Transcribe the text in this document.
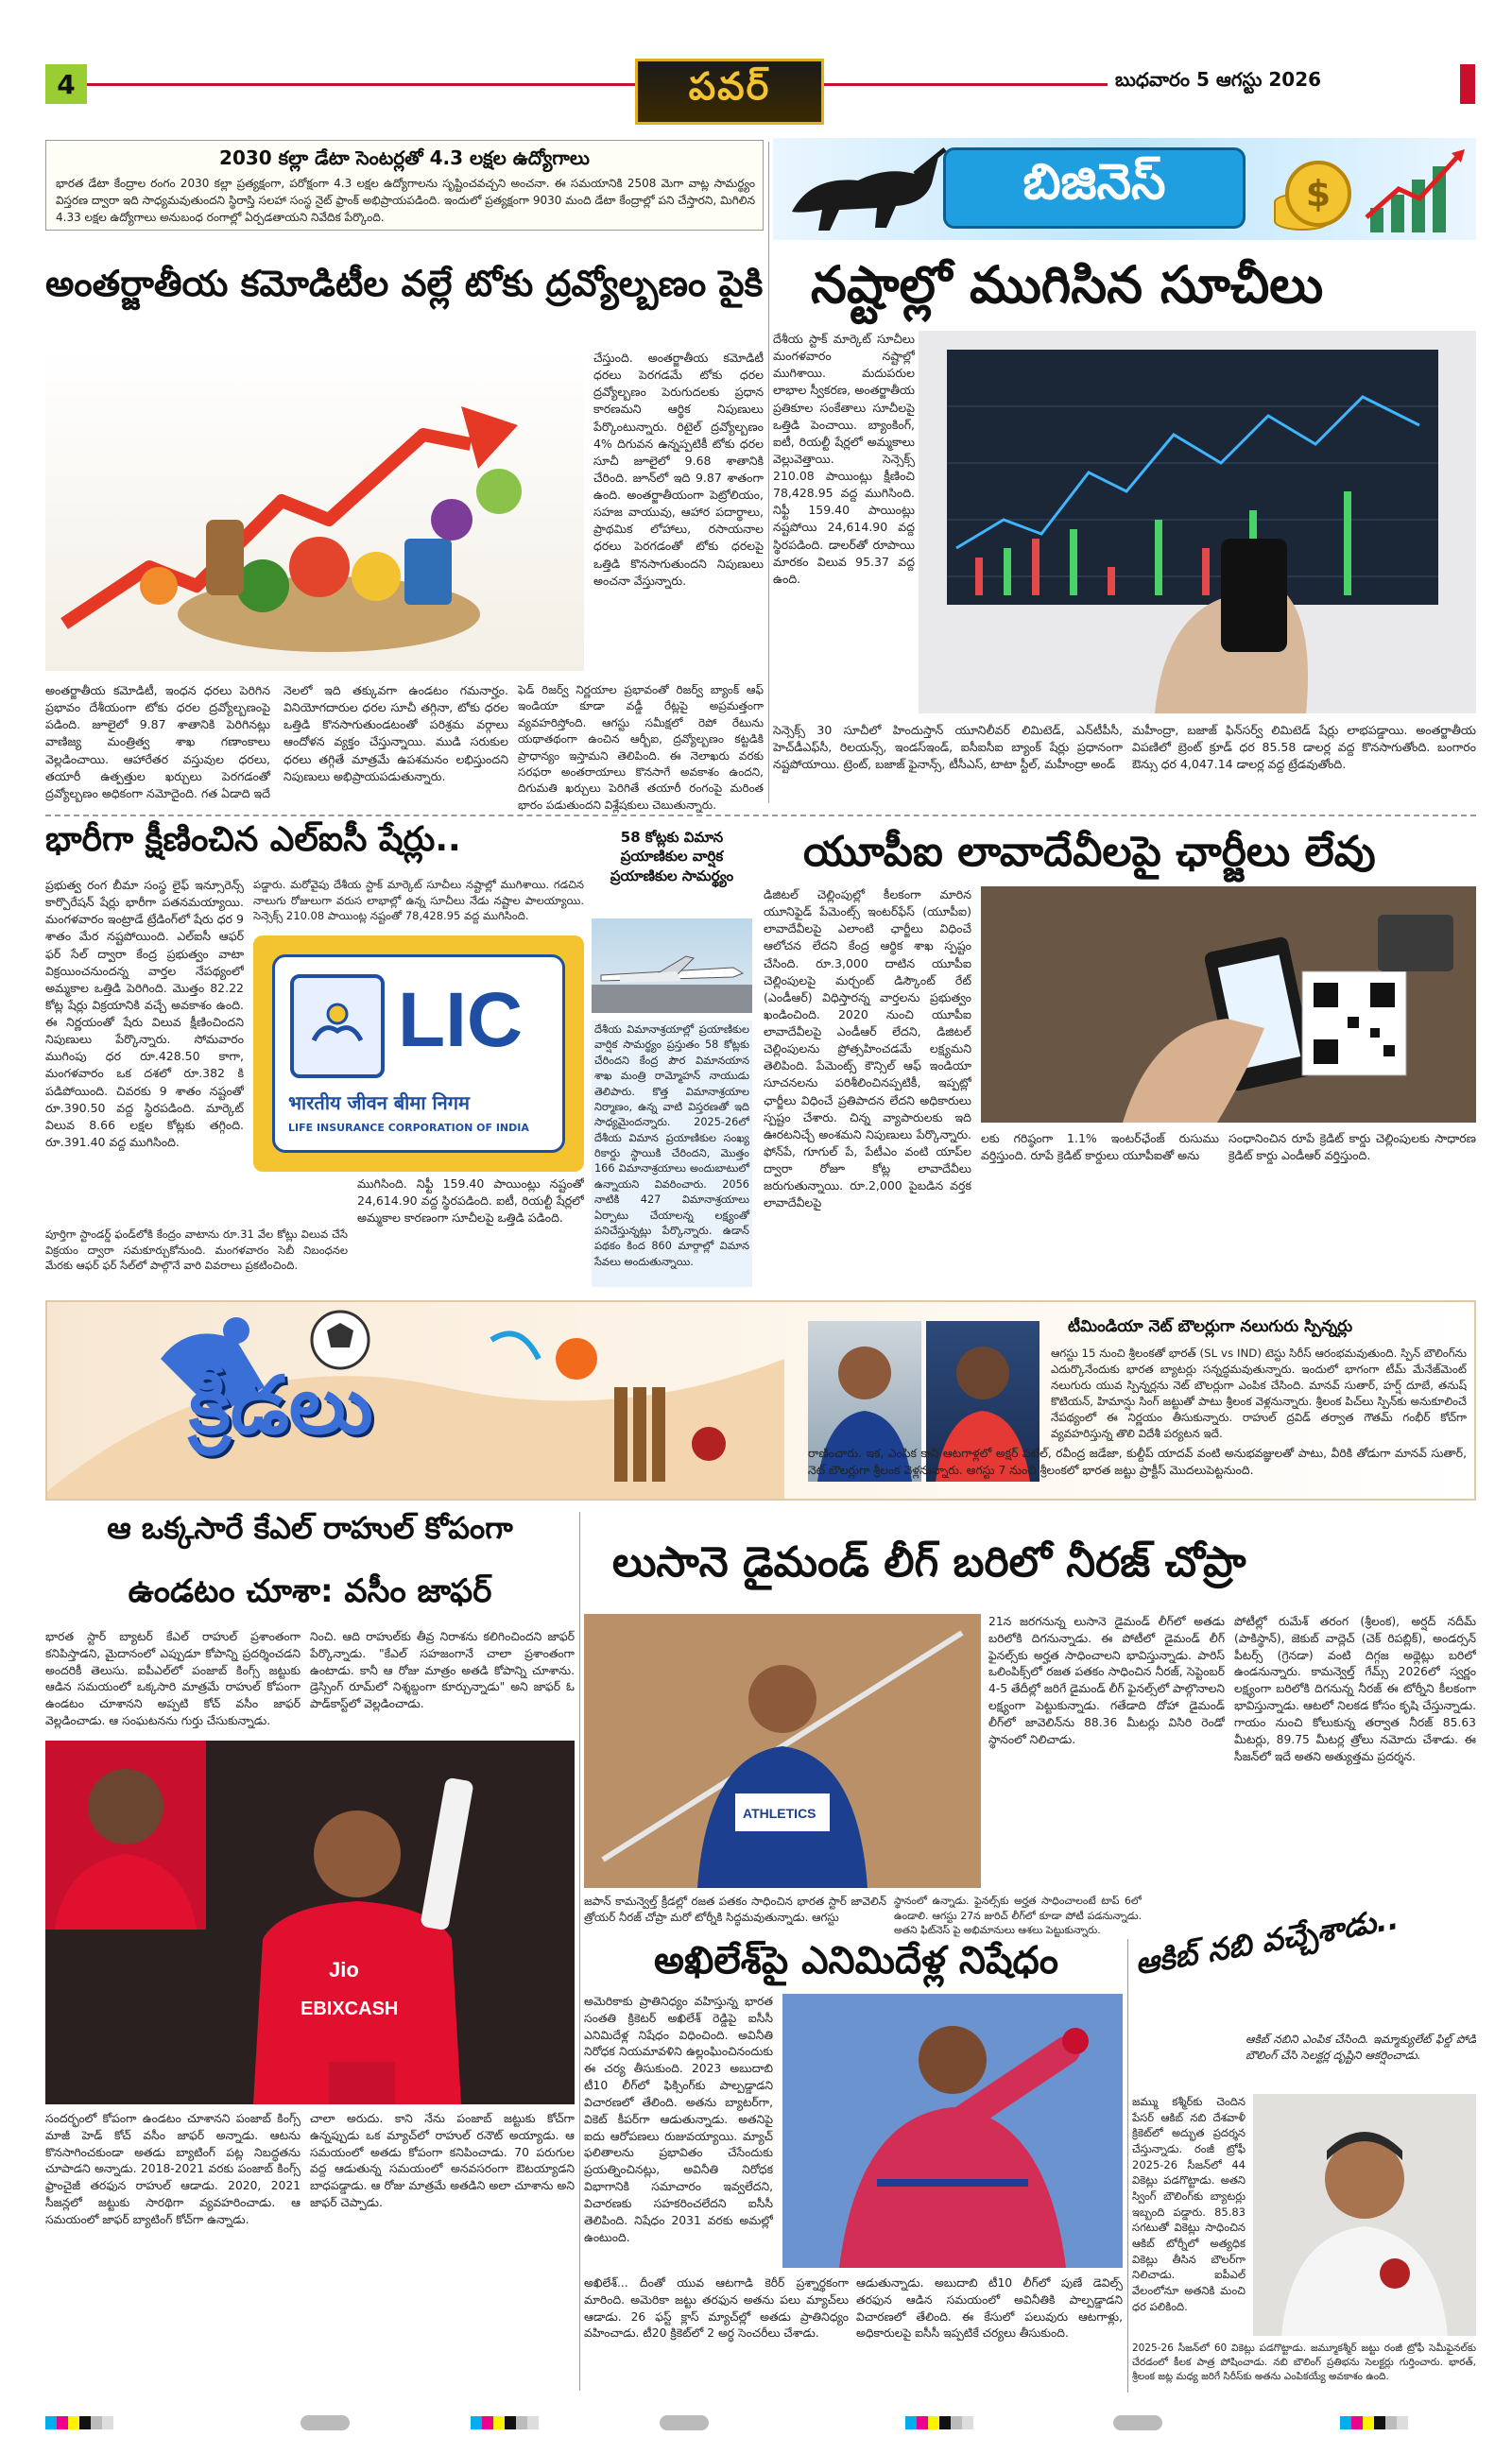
4	పవర్	బుధవారం 5 ఆగస్టు 2026
2030 కల్లా డేటా సెంటర్లతో 4.3 లక్షల ఉద్యోగాలు
భారత డేటా కేంద్రాల రంగం 2030 కల్లా ప్రత్యక్షంగా, పరోక్షంగా 4.3 లక్షల ఉద్యోగాలను సృష్టించవచ్చని అంచనా. ఈ సమయానికి 2508 మెగా వాట్ల సామర్థ్యం విస్తరణ ద్వారా ఇది సాధ్యమవుతుందని స్థిరాస్తి సలహా సంస్థ నైట్ ఫ్రాంక్ అభిప్రాయపడింది. ఇందులో ప్రత్యక్షంగా 9030 మంది డేటా కేంద్రాల్లో పని చేస్తారని, మిగిలిన 4.33 లక్షల ఉద్యోగాలు అనుబంధ రంగాల్లో ఏర్పడతాయని నివేదిక పేర్కొంది.
బిజినెస్	$
అంతర్జాతీయ కమోడిటీల వల్లే టోకు ద్రవ్యోల్బణం పైకి
చేస్తుంది. అంతర్జాతీయ కమోడిటీ ధరలు పెరగడమే టోకు ధరల ద్రవ్యోల్బణం పెరుగుదలకు ప్రధాన కారణమని ఆర్థిక నిపుణులు పేర్కొంటున్నారు. రిటైల్ ద్రవ్యోల్బణం 4% దిగువన ఉన్నప్పటికీ టోకు ధరల సూచీ జూలైలో 9.68 శాతానికి చేరింది. జూన్‌లో ఇది 9.87 శాతంగా ఉంది. అంతర్జాతీయంగా పెట్రోలియం, సహజ వాయువు, ఆహార పదార్థాలు, ప్రాథమిక లోహాలు, రసాయనాల ధరలు పెరగడంతో టోకు ధరలపై ఒత్తిడి కొనసాగుతుందని నిపుణులు అంచనా వేస్తున్నారు.
ఫెడ్ రిజర్వ్ నిర్ణయాల ప్రభావంతో రిజర్వ్ బ్యాంక్ ఆఫ్ ఇండియా కూడా వడ్డీ రేట్లపై అప్రమత్తంగా వ్యవహరిస్తోంది. ఆగస్టు సమీక్షలో రెపో రేటును యథాతథంగా ఉంచిన ఆర్బీఐ, ద్రవ్యోల్బణం కట్టడికి ప్రాధాన్యం ఇస్తామని తెలిపింది. ఈ నెలాఖరు వరకు సరఫరా అంతరాయాలు కొనసాగే అవకాశం ఉందని, దిగుమతి ఖర్చులు పెరిగితే తయారీ రంగంపై మరింత భారం పడుతుందని విశ్లేషకులు చెబుతున్నారు.
అంతర్జాతీయ కమోడిటీ, ఇంధన ధరలు పెరిగిన ప్రభావం దేశీయంగా టోకు ధరల ద్రవ్యోల్బణంపై పడింది. జూలైలో 9.87 శాతానికి పెరిగినట్లు వాణిజ్య మంత్రిత్వ శాఖ గణాంకాలు వెల్లడించాయి. ఆహారేతర వస్తువుల ధరలు, తయారీ ఉత్పత్తుల ఖర్చులు పెరగడంతో ద్రవ్యోల్బణం అధికంగా నమోదైంది. గత ఏడాది ఇదే నెలలో ఇది తక్కువగా ఉండటం గమనార్హం. వినియోగదారుల ధరల సూచీ తగ్గినా, టోకు ధరల ఒత్తిడి కొనసాగుతుండటంతో పరిశ్రమ వర్గాలు ఆందోళన వ్యక్తం చేస్తున్నాయి. ముడి సరుకుల ధరలు తగ్గితే మాత్రమే ఉపశమనం లభిస్తుందని నిపుణులు అభిప్రాయపడుతున్నారు.
నష్టాల్లో ముగిసిన సూచీలు
దేశీయ స్టాక్ మార్కెట్ సూచీలు మంగళవారం నష్టాల్లో ముగిశాయి. మదుపరుల లాభాల స్వీకరణ, అంతర్జాతీయ ప్రతికూల సంకేతాలు సూచీలపై ఒత్తిడి పెంచాయి. బ్యాంకింగ్, ఐటీ, రియల్టీ షేర్లలో అమ్మకాలు వెల్లువెత్తాయి. సెన్సెక్స్ 210.08 పాయింట్లు క్షీణించి 78,428.95 వద్ద ముగిసింది. నిఫ్టీ 159.40 పాయింట్లు నష్టపోయి 24,614.90 వద్ద స్థిరపడింది. డాలర్‌తో రూపాయి మారకం విలువ 95.37 వద్ద ఉంది.
సెన్సెక్స్ 30 సూచీలో హిందుస్తాన్ యూనిలీవర్ లిమిటెడ్, ఎన్‌టీపీసీ, హెచ్‌డీఎఫ్‌సీ, రిలయన్స్, ఇండస్‌ఇండ్, ఐసీఐసీఐ బ్యాంక్ షేర్లు ప్రధానంగా నష్టపోయాయి. ట్రెంట్, బజాజ్ ఫైనాన్స్, టీసీఎస్, టాటా స్టీల్, మహీంద్రా అండ్
మహీంద్రా, బజాజ్ ఫిన్‌సర్వ్ లిమిటెడ్ షేర్లు లాభపడ్డాయి. అంతర్జాతీయ విపణిలో బ్రెంట్ క్రూడ్ ధర 85.58 డాలర్ల వద్ద కొనసాగుతోంది. బంగారం ఔన్సు ధర 4,047.14 డాలర్ల వద్ద ట్రేడవుతోంది.
భారీగా క్షీణించిన ఎల్ఐసీ షేర్లు..
ప్రభుత్వ రంగ బీమా సంస్థ లైఫ్ ఇన్సూరెన్స్ కార్పొరేషన్ షేర్లు భారీగా పతనమయ్యాయి. మంగళవారం ఇంట్రాడే ట్రేడింగ్‌లో షేరు ధర 9 శాతం మేర నష్టపోయింది. ఎల్ఐసీ ఆఫర్ ఫర్ సేల్ ద్వారా కేంద్ర ప్రభుత్వం వాటా విక్రయించనుందన్న వార్తల నేపథ్యంలో అమ్మకాల ఒత్తిడి పెరిగింది. మొత్తం 82.22 కోట్ల షేర్లు విక్రయానికి వచ్చే అవకాశం ఉంది. ఈ నిర్ణయంతో షేరు విలువ క్షీణించిందని నిపుణులు పేర్కొన్నారు. సోమవారం ముగింపు ధర రూ.428.50 కాగా, మంగళవారం ఒక దశలో రూ.382 కి పడిపోయింది. చివరకు 9 శాతం నష్టంతో రూ.390.50 వద్ద స్థిరపడింది. మార్కెట్ విలువ 8.66 లక్షల కోట్లకు తగ్గింది. రూ.391.40 వద్ద ముగిసింది.
పడ్డారు. మరోవైపు దేశీయ స్టాక్ మార్కెట్ సూచీలు నష్టాల్లో ముగిశాయి. గడచిన నాలుగు రోజులుగా వరుస లాభాల్లో ఉన్న సూచీలు నేడు నష్టాల పాలయ్యాయి. సెన్సెక్స్ 210.08 పాయింట్ల నష్టంతో 78,428.95 వద్ద ముగిసింది.
LIC
भारतीय जीवन बीमा निगम
LIFE INSURANCE CORPORATION OF INDIA
పూర్తిగా స్టాండర్డ్ ఫండ్‌లోకి కేంద్రం వాటాను రూ.31 వేల కోట్లు విలువ చేసే విక్రయం ద్వారా సమకూర్చుకోనుంది. మంగళవారం సెబీ నిబంధనల మేరకు ఆఫర్ ఫర్ సేల్‌లో పాల్గొనే వారి వివరాలు ప్రకటించింది.
ముగిసింది. నిఫ్టీ 159.40 పాయింట్లు నష్టంతో 24,614.90 వద్ద స్థిరపడింది. ఐటీ, రియల్టీ షేర్లలో అమ్మకాల కారణంగా సూచీలపై ఒత్తిడి పడింది.
58 కోట్లకు విమాన ప్రయాణికుల వార్షిక ప్రయాణికుల సామర్థ్యం
దేశీయ విమానాశ్రయాల్లో ప్రయాణికుల వార్షిక సామర్థ్యం ప్రస్తుతం 58 కోట్లకు చేరిందని కేంద్ర పౌర విమానయాన శాఖ మంత్రి రామ్మోహన్ నాయుడు తెలిపారు. కొత్త విమానాశ్రయాల నిర్మాణం, ఉన్న వాటి విస్తరణతో ఇది సాధ్యమైందన్నారు. 2025-26లో దేశీయ విమాన ప్రయాణికుల సంఖ్య రికార్డు స్థాయికి చేరిందని, మొత్తం 166 విమానాశ్రయాలు అందుబాటులో ఉన్నాయని వివరించారు. 2056 నాటికి 427 విమానాశ్రయాలు ఏర్పాటు చేయాలన్న లక్ష్యంతో పనిచేస్తున్నట్లు పేర్కొన్నారు. ఉడాన్ పథకం కింద 860 మార్గాల్లో విమాన సేవలు అందుతున్నాయి.
యూపీఐ లావాదేవీలపై ఛార్జీలు లేవు
డిజిటల్ చెల్లింపుల్లో కీలకంగా మారిన యూనిఫైడ్ పేమెంట్స్ ఇంటర్‌ఫేస్ (యూపీఐ) లావాదేవీలపై ఎలాంటి ఛార్జీలు విధించే ఆలోచన లేదని కేంద్ర ఆర్థిక శాఖ స్పష్టం చేసింది. రూ.3,000 దాటిన యూపీఐ చెల్లింపులపై మర్చంట్ డిస్కౌంట్ రేట్ (ఎండీఆర్) విధిస్తారన్న వార్తలను ప్రభుత్వం ఖండించింది. 2020 నుంచి యూపీఐ లావాదేవీలపై ఎండీఆర్ లేదని, డిజిటల్ చెల్లింపులను ప్రోత్సహించడమే లక్ష్యమని తెలిపింది. పేమెంట్స్ కౌన్సిల్ ఆఫ్ ఇండియా సూచనలను పరిశీలించినప్పటికీ, ఇప్పట్లో ఛార్జీలు విధించే ప్రతిపాదన లేదని అధికారులు స్పష్టం చేశారు. చిన్న వ్యాపారులకు ఇది ఊరటనిచ్చే అంశమని నిపుణులు పేర్కొన్నారు. ఫోన్‌పే, గూగుల్ పే, పేటీఎం వంటి యాప్‌ల ద్వారా రోజూ కోట్ల లావాదేవీలు జరుగుతున్నాయి. రూ.2,000 పైబడిన వర్తక లావాదేవీలపై
లకు గరిష్ఠంగా 1.1% ఇంటర్‌ఛేంజ్ రుసుము వర్తిస్తుంది. రూపే క్రెడిట్ కార్డులు యూపీఐతో అను
సంధానించిన రూపే క్రెడిట్ కార్డు చెల్లింపులకు సాధారణ క్రెడిట్ కార్డు ఎండీఆర్ వర్తిస్తుంది.
క్రీడలు
టీమిండియా నెట్ బౌలర్లుగా నలుగురు స్పిన్నర్లు
ఆగస్టు 15 నుంచి శ్రీలంకతో భారత్ (SL vs IND) టెస్టు సిరీస్ ఆరంభమవుతుంది. స్పిన్ బౌలింగ్‌ను ఎదుర్కొనేందుకు భారత బ్యాటర్లు సన్నద్ధమవుతున్నారు. ఇందులో భాగంగా టీమ్ మేనేజ్‌మెంట్ నలుగురు యువ స్పిన్నర్లను నెట్ బౌలర్లుగా ఎంపిక చేసింది. మానవ్ సుతార్, హర్ష్ దూబే, తనుష్ కొటియన్, హిమాన్షు సింగ్ జట్టుతో పాటు శ్రీలంక వెళ్లనున్నారు. శ్రీలంక పిచ్‌లు స్పిన్‌కు అనుకూలించే నేపథ్యంలో ఈ నిర్ణయం తీసుకున్నారు. రాహుల్ ద్రవిడ్ తర్వాత గౌతమ్ గంభీర్ కోచ్‌గా వ్యవహరిస్తున్న తొలి విదేశీ పర్యటన ఇదే.
రాణించారు. ఇక, ఎంపిక కాని ఆటగాళ్లలో అక్షర్ పటేల్, రవీంద్ర జడేజా, కుల్దీప్ యాదవ్ వంటి అనుభవజ్ఞులతో పాటు, వీరికి తోడుగా మానవ్ సుతార్, నెట్ బౌలర్లుగా శ్రీలంక వెళ్లనున్నారు. ఆగస్టు 7 నుంచి శ్రీలంకలో భారత జట్టు ప్రాక్టీస్ మొదలుపెట్టనుంది.
ఆ ఒక్కసారే కేఎల్ రాహుల్ కోపంగా
ఉండటం చూశా: వసీం జాఫర్
భారత స్టార్ బ్యాటర్ కేఎల్ రాహుల్ ప్రశాంతంగా కనిపిస్తాడని, మైదానంలో ఎప్పుడూ కోపాన్ని ప్రదర్శించడని అందరికీ తెలుసు. ఐపీఎల్‌లో పంజాబ్ కింగ్స్ జట్టుకు ఆడిన సమయంలో ఒక్కసారి మాత్రమే రాహుల్ కోపంగా ఉండటం చూశానని అప్పటి కోచ్ వసీం జాఫర్ వెల్లడించాడు. ఆ సంఘటనను గుర్తు చేసుకున్నాడు.
నించి. ఆది రాహుల్‌కు తీవ్ర నిరాశను కలిగించిందని జాఫర్ పేర్కొన్నాడు. "కేఎల్ సహజంగానే చాలా ప్రశాంతంగా ఉంటాడు. కానీ ఆ రోజు మాత్రం అతడి కోపాన్ని చూశాను. డ్రెస్సింగ్ రూమ్‌లో నిశ్శబ్దంగా కూర్చున్నాడు" అని జాఫర్ ఓ పాడ్‌కాస్ట్‌లో వెల్లడించాడు.
Jio
EBIXCASH
సందర్భంలో కోపంగా ఉండటం చూశానని పంజాబ్ కింగ్స్ మాజీ హెడ్ కోచ్ వసీం జాఫర్ అన్నాడు. ఆటను కొనసాగించకుండా అతడు బ్యాటింగ్ పట్ల నిబద్ధతను చూపాడని అన్నాడు. 2018-2021 వరకు పంజాబ్ కింగ్స్ ఫ్రాంచైజీ తరఫున రాహుల్ ఆడాడు. 2020, 2021 సీజన్లలో జట్టుకు సారథిగా వ్యవహరించాడు. ఆ సమయంలో జాఫర్ బ్యాటింగ్ కోచ్‌గా ఉన్నాడు.
చాలా అరుదు. కాని నేను పంజాబ్ జట్టుకు కోచ్‌గా ఉన్నప్పుడు ఒక మ్యాచ్‌లో రాహుల్ రనౌట్ అయ్యాడు. ఆ సమయంలో అతడు కోపంగా కనిపించాడు. 70 పరుగుల వద్ద ఆడుతున్న సమయంలో అనవసరంగా ఔటయ్యాడని బాధపడ్డాడు. ఆ రోజు మాత్రమే అతడిని అలా చూశాను అని జాఫర్ చెప్పాడు.
లుసానె డైమండ్ లీగ్ బరిలో నీరజ్ చోప్రా
ATHLETICS
21న జరగనున్న లుసానె డైమండ్ లీగ్‌లో అతడు బరిలోకి దిగనున్నాడు. ఈ పోటీలో డైమండ్ లీగ్ ఫైనల్స్‌కు అర్హత సాధించాలని భావిస్తున్నాడు. పారిస్ ఒలింపిక్స్‌లో రజత పతకం సాధించిన నీరజ్, సెప్టెంబర్ 4-5 తేదీల్లో జరిగే డైమండ్ లీగ్ ఫైనల్స్‌లో పాల్గొనాలని లక్ష్యంగా పెట్టుకున్నాడు. గతేడాది దోహా డైమండ్ లీగ్‌లో జావెలిన్‌ను 88.36 మీటర్లు విసిరి రెండో స్థానంలో నిలిచాడు.
పోటీల్లో రుమేశ్ తరంగ (శ్రీలంక), అర్షద్ నదీమ్ (పాకిస్థాన్), జెకుబ్ వాద్లెచ్ (చెక్ రిపబ్లిక్), అండర్సన్ పీటర్స్ (గ్రెనడా) వంటి దిగ్గజ అథ్లెట్లు బరిలో ఉండనున్నారు. కామన్వెల్త్ గేమ్స్ 2026లో స్వర్ణం లక్ష్యంగా బరిలోకి దిగనున్న నీరజ్ ఈ టోర్నీని కీలకంగా భావిస్తున్నాడు. ఆటలో నిలకడ కోసం కృషి చేస్తున్నాడు. గాయం నుంచి కోలుకున్న తర్వాత నీరజ్ 85.63 మీటర్లు, 89.75 మీటర్ల త్రోలు నమోదు చేశాడు. ఈ సీజన్‌లో ఇదే అతని అత్యుత్తమ ప్రదర్శన.
జపాన్ కామన్వెల్త్ క్రీడల్లో రజత పతకం సాధించిన భారత స్టార్ జావెలిన్ త్రోయర్ నీరజ్ చోప్రా మరో టోర్నీకి సిద్ధమవుతున్నాడు. ఆగస్టు
స్థానంలో ఉన్నాడు. ఫైనల్స్‌కు అర్హత సాధించాలంటే టాప్ 6లో ఉండాలి. ఆగస్టు 27న జురిచ్ లీగ్‌లో కూడా పోటీ పడనున్నాడు. అతని ఫిట్‌నెస్ పై అభిమానులు ఆశలు పెట్టుకున్నారు.
అఖిలేశ్‌పై ఎనిమిదేళ్ల నిషేధం
అమెరికాకు ప్రాతినిధ్యం వహిస్తున్న భారత సంతతి క్రికెటర్ అఖిలేశ్ రెడ్డిపై ఐసీసీ ఎనిమిదేళ్ల నిషేధం విధించింది. అవినీతి నిరోధక నియమావళిని ఉల్లంఘించినందుకు ఈ చర్య తీసుకుంది. 2023 అబుదాబి టీ10 లీగ్‌లో ఫిక్సింగ్‌కు పాల్పడ్డాడని విచారణలో తేలింది. అతను బ్యాటర్‌గా, వికెట్ కీపర్‌గా ఆడుతున్నాడు. అతనిపై ఐదు ఆరోపణలు రుజువయ్యాయి. మ్యాచ్ ఫలితాలను ప్రభావితం చేసేందుకు ప్రయత్నించినట్లు, అవినీతి నిరోధక విభాగానికి సమాచారం ఇవ్వలేదని, విచారణకు సహకరించలేదని ఐసీసీ తెలిపింది. నిషేధం 2031 వరకు అమల్లో ఉంటుంది.
అఖిలేశ్... దీంతో యువ ఆటగాడి కెరీర్ ప్రశ్నార్థకంగా మారింది. అమెరికా జట్టు తరఫున అతను పలు మ్యాచ్‌లు ఆడాడు. 26 ఫస్ట్ క్లాస్ మ్యాచ్‌ల్లో అతడు ప్రాతినిధ్యం వహించాడు. టీ20 క్రికెట్‌లో 2 అర్ధ సెంచరీలు చేశాడు.
ఆడుతున్నాడు. అబుదాబి టీ10 లీగ్‌లో పుణే డెవిల్స్ తరఫున ఆడిన సమయంలో అవినీతికి పాల్పడ్డాడని విచారణలో తేలింది. ఈ కేసులో పలువురు ఆటగాళ్లు, అధికారులపై ఐసీసీ ఇప్పటికే చర్యలు తీసుకుంది.
ఆకిబ్ నబి వచ్చేశాడు..
ఆకిబ్ నబిని ఎంపిక చేసింది. ఇమ్మాక్యులేట్ ఫిల్డ్ పోడి బౌలింగ్ చేసి సెలక్టర్ల దృష్టిని ఆకర్షించాడు.
జమ్ము కశ్మీర్‌కు చెందిన పేసర్ ఆకిబ్ నబి దేశవాళీ క్రికెట్‌లో అద్భుత ప్రదర్శన చేస్తున్నాడు. రంజీ ట్రోఫీ 2025-26 సీజన్‌లో 44 వికెట్లు పడగొట్టాడు. అతని స్వింగ్ బౌలింగ్‌కు బ్యాటర్లు ఇబ్బంది పడ్డారు. 85.83 సగటుతో వికెట్లు సాధించిన ఆకిబ్ టోర్నీలో అత్యధిక వికెట్లు తీసిన బౌలర్‌గా నిలిచాడు. ఐపీఎల్ వేలంలోనూ అతనికి మంచి ధర పలికింది.
2025-26 సీజన్‌లో 60 వికెట్లు పడగొట్టాడు. జమ్మూకశ్మీర్ జట్టు రంజీ ట్రోఫీ సెమీఫైనల్‌కు చేరడంలో కీలక పాత్ర పోషించాడు. నబి బౌలింగ్ ప్రతిభను సెలక్టర్లు గుర్తించారు. భారత్, శ్రీలంక జట్ల మధ్య జరిగే సిరీస్‌కు అతను ఎంపికయ్యే అవకాశం ఉంది.
